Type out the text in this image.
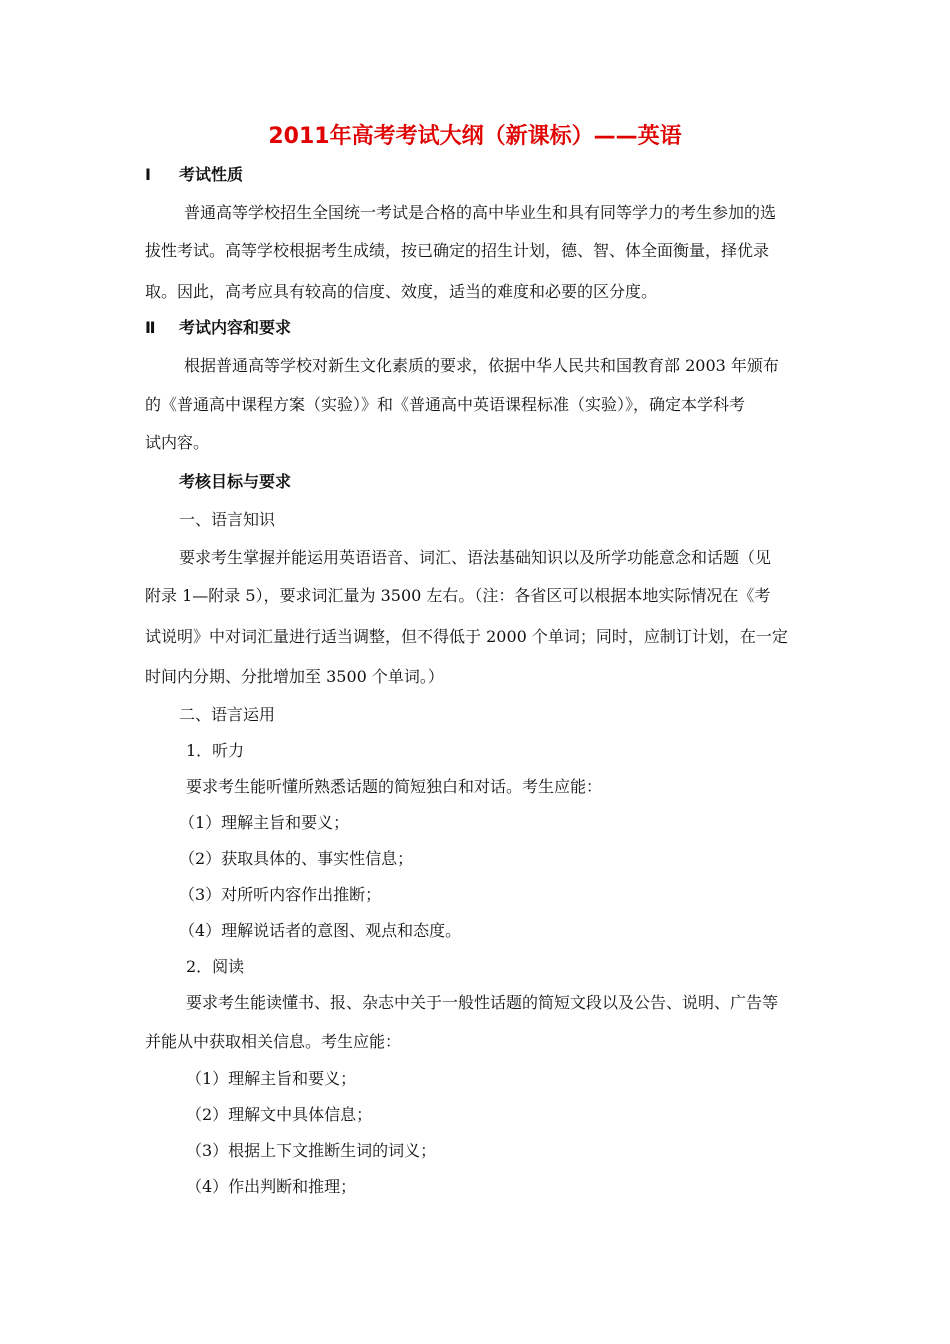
2011年高考考试大纲（新课标）——英语
Ⅰ 考试性质
普通高等学校招生全国统一考试是合格的高中毕业生和具有同等学力的考生参加的选
拔性考试。高等学校根据考生成绩，按已确定的招生计划，德、智、体全面衡量，择优录
取。因此，高考应具有较高的信度、效度，适当的难度和必要的区分度。
Ⅱ 考试内容和要求
根据普通高等学校对新生文化素质的要求，依据中华人民共和国教育部 2003 年颁布
的《普通高中课程方案（实验）》和《普通高中英语课程标准（实验）》，确定本学科考
试内容。
考核目标与要求
一、语言知识
要求考生掌握并能运用英语语音、词汇、语法基础知识以及所学功能意念和话题（见
附录 1—附录 5），要求词汇量为 3500 左右。（注：各省区可以根据本地实际情况在《考
试说明》中对词汇量进行适当调整，但不得低于 2000 个单词；同时，应制订计划，在一定
时间内分期、分批增加至 3500 个单词。）
二、语言运用
1．听力
要求考生能听懂所熟悉话题的简短独白和对话。考生应能：
（1）理解主旨和要义；
（2）获取具体的、事实性信息；
（3）对所听内容作出推断；
（4）理解说话者的意图、观点和态度。
2．阅读
要求考生能读懂书、报、杂志中关于一般性话题的简短文段以及公告、说明、广告等
并能从中获取相关信息。考生应能：
（1）理解主旨和要义；
（2）理解文中具体信息；
（3）根据上下文推断生词的词义；
（4）作出判断和推理；
